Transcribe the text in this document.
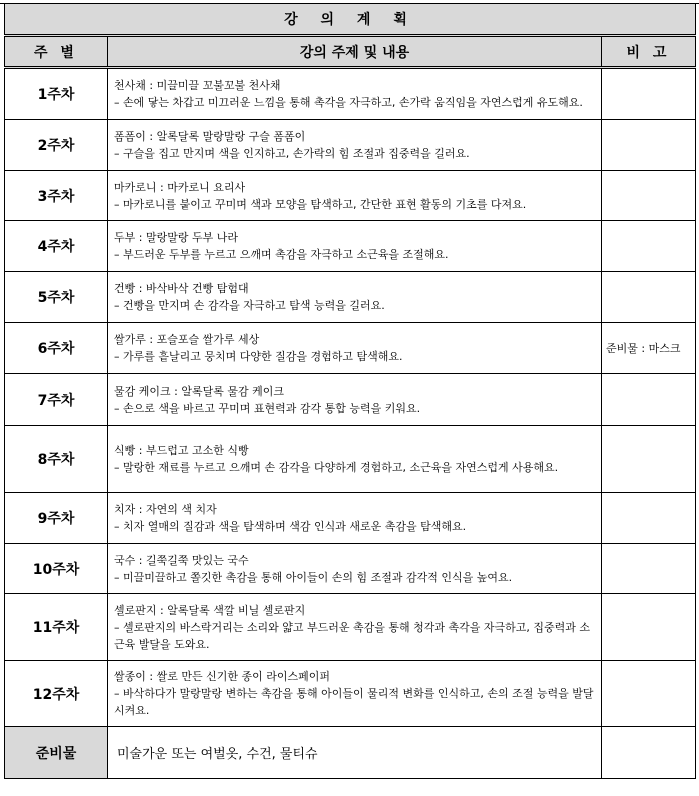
강 의 계 획		
주 별	강의 주제 및 내용	비 고
1주차	천사채 : 미끌미끌 꼬불꼬불 천사채
– 손에 닿는 차갑고 미끄러운 느낌을 통해 촉각을 자극하고, 손가락 움직임을 자연스럽게 유도해요.	

2주차	폼폼이 : 알록달록 말랑말랑 구슬 폼폼이
– 구슬을 집고 만지며 색을 인지하고, 손가락의 힘 조절과 집중력을 길러요.	

3주차	마카로니 : 마카로니 요리사
– 마카로니를 붙이고 꾸미며 색과 모양을 탐색하고, 간단한 표현 활동의 기초를 다져요.	

4주차	두부 : 말랑말랑 두부 나라
– 부드러운 두부를 누르고 으깨며 촉감을 자극하고 소근육을 조절해요.	

5주차	건빵 : 바삭바삭 건빵 탐험대
– 건빵을 만지며 손 감각을 자극하고 탐색 능력을 길러요.	

6주차	쌀가루 : 포슬포슬 쌀가루 세상
– 가루를 흩날리고 뭉치며 다양한 질감을 경험하고 탐색해요.	준비물 : 마스크
7주차	물감 케이크 : 알록달록 물감 케이크
– 손으로 색을 바르고 꾸미며 표현력과 감각 통합 능력을 키워요.	

8주차	식빵 : 부드럽고 고소한 식빵
– 말랑한 재료를 누르고 으깨며 손 감각을 다양하게 경험하고, 소근육을 자연스럽게 사용해요.	

9주차	치자 : 자연의 색 치자
– 치자 열매의 질감과 색을 탐색하며 색감 인식과 새로운 촉감을 탐색해요.	

10주차	국수 : 길쭉길쭉 맛있는 국수
– 미끌미끌하고 쫄깃한 촉감을 통해 아이들이 손의 힘 조절과 감각적 인식을 높여요.	

11주차	셀로판지 : 알록달록 색깔 비닐 셀로판지
– 셀로판지의 바스락거리는 소리와 얇고 부드러운 촉감을 통해 청각과 촉각을 자극하고, 집중력과 소근육 발달을 도와요.	

12주차	쌀종이 : 쌀로 만든 신기한 종이 라이스페이퍼
– 바삭하다가 말랑말랑 변하는 촉감을 통해 아이들이 물리적 변화를 인식하고, 손의 조절 능력을 발달시켜요.	

준비물	미술가운 또는 여벌옷, 수건, 물티슈	
